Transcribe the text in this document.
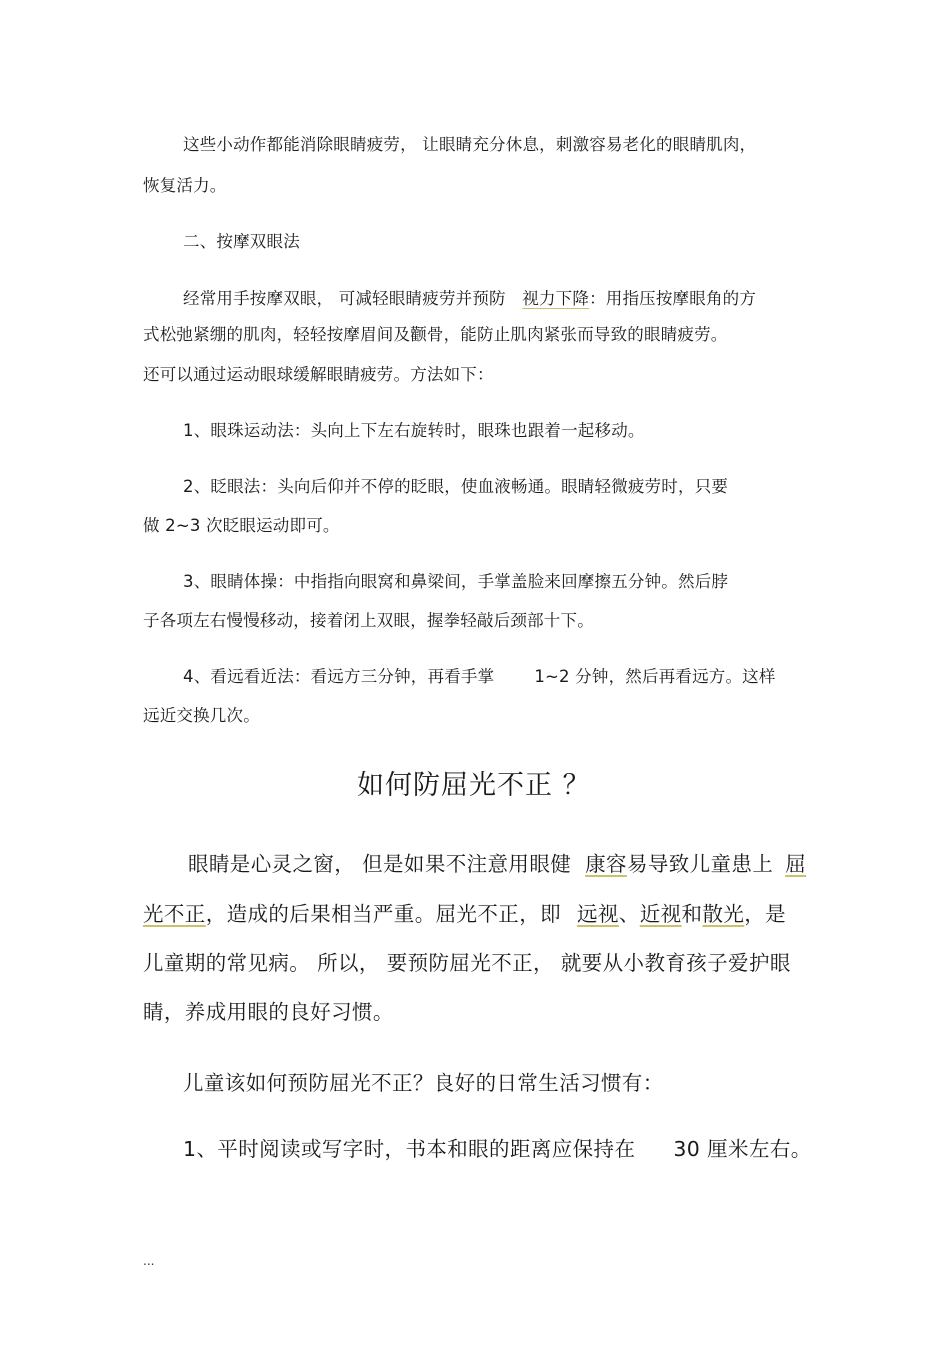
这些小动作都能消除眼睛疲劳， 让眼睛充分休息，刺激容易老化的眼睛肌肉，
恢复活力。
二、按摩双眼法
经常用手按摩双眼， 可减轻眼睛疲劳并预防 视力下降：用指压按摩眼角的方
式松弛紧绷的肌肉，轻轻按摩眉间及颧骨，能防止肌肉紧张而导致的眼睛疲劳。
还可以通过运动眼球缓解眼睛疲劳。方法如下：
1、眼珠运动法：头向上下左右旋转时，眼珠也跟着一起移动。
2、眨眼法：头向后仰并不停的眨眼，使血液畅通。眼睛轻微疲劳时，只要
做 2~3 次眨眼运动即可。
3、眼睛体操：中指指向眼窝和鼻梁间，手掌盖脸来回摩擦五分钟。然后脖
子各项左右慢慢移动，接着闭上双眼，握拳轻敲后颈部十下。
4、看远看近法：看远方三分钟，再看手掌 1~2 分钟，然后再看远方。这样
远近交换几次。
如何防屈光不正 ？
眼睛是心灵之窗， 但是如果不注意用眼健 康容易导致儿童患上 屈
光不正，造成的后果相当严重。屈光不正，即 远视、近视和散光，是
儿童期的常见病。 所以， 要预防屈光不正， 就要从小教育孩子爱护眼
睛，养成用眼的良好习惯。
儿童该如何预防屈光不正？良好的日常生活习惯有：
1、平时阅读或写字时，书本和眼的距离应保持在 30 厘米左右。
...
